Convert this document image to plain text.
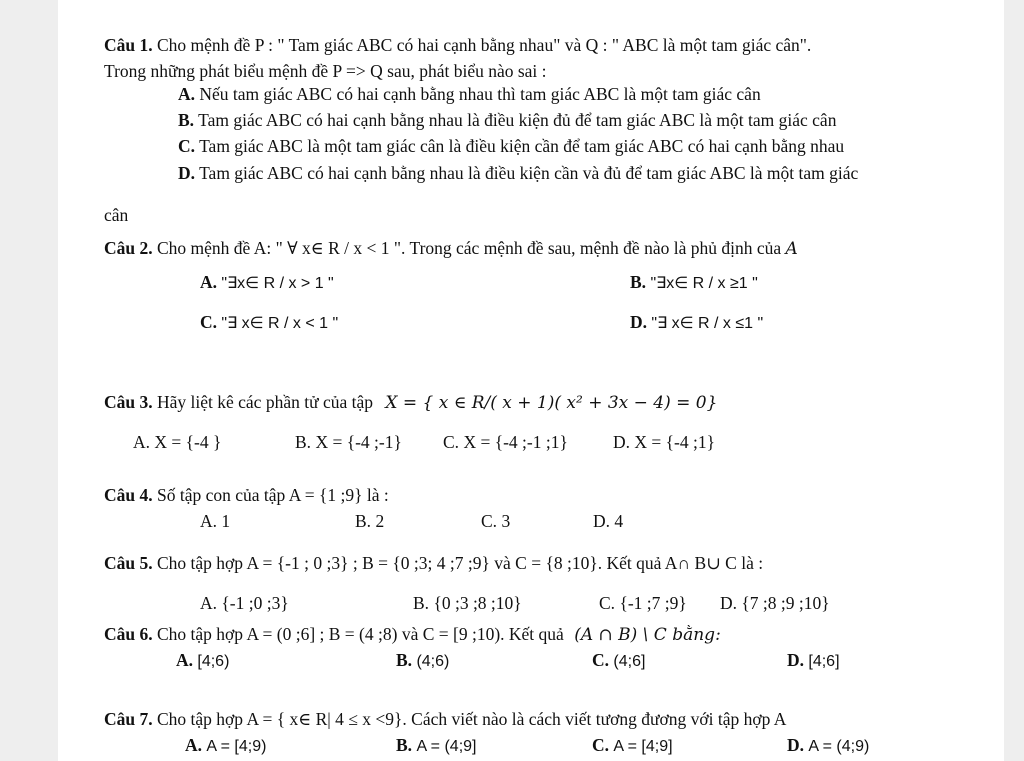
Câu 1. Cho mệnh đề P : " Tam giác ABC có hai cạnh bằng nhau" và Q : " ABC là một tam giác cân".
Trong những phát biểu mệnh đề P => Q sau, phát biểu nào sai :
A. Nếu tam giác ABC có hai cạnh bằng nhau thì tam giác ABC là một tam giác cân
B. Tam giác ABC có hai cạnh bằng nhau là điều kiện đủ để tam giác ABC là một tam giác cân
C. Tam giác ABC là một tam giác cân là điều kiện cần để tam giác ABC có hai cạnh bằng nhau
D. Tam giác ABC có hai cạnh bằng nhau là điều kiện cần và đủ để tam giác ABC là một tam giác
cân
Câu 2. Cho mệnh đề A: " ∀ x∈ R / x < 1 ". Trong các mệnh đề sau, mệnh đề nào là phủ định của A
A. "∃x∈ R / x > 1 "	B. "∃x∈ R / x ≥1 "
C. "∃ x∈ R / x < 1 "	D. "∃ x∈ R / x ≤1 "
Câu 3. Hãy liệt kê các phần tử của tập X = { x ∈ R/( x + 1)( x² + 3x − 4) = 0}
A. X = {-4 }	B. X = {-4 ;-1} C. X = {-4 ;-1 ;1}	D. X = {-4 ;1}
Câu 4. Số tập con của tập A = {1 ;9} là :
A. 1	B. 2	C. 3	D. 4
Câu 5. Cho tập hợp A = {-1 ; 0 ;3} ; B = {0 ;3; 4 ;7 ;9} và C = {8 ;10}. Kết quả A∩ B∪ C là :
A. {-1 ;0 ;3}	B. {0 ;3 ;8 ;10}	C. {-1 ;7 ;9} D. {7 ;8 ;9 ;10}
Câu 6. Cho tập hợp A = (0 ;6] ; B = (4 ;8) và C = [9 ;10). Kết quả (A ∩ B) \ C bằng:
A. [4;6)	B. (4;6)	C. (4;6]	D. [4;6]
Câu 7. Cho tập hợp A = { x∈ R| 4 ≤ x <9}. Cách viết nào là cách viết tương đương với tập hợp A
A. A = [4;9)	B. A = (4;9]	C. A = [4;9]	D. A = (4;9)
